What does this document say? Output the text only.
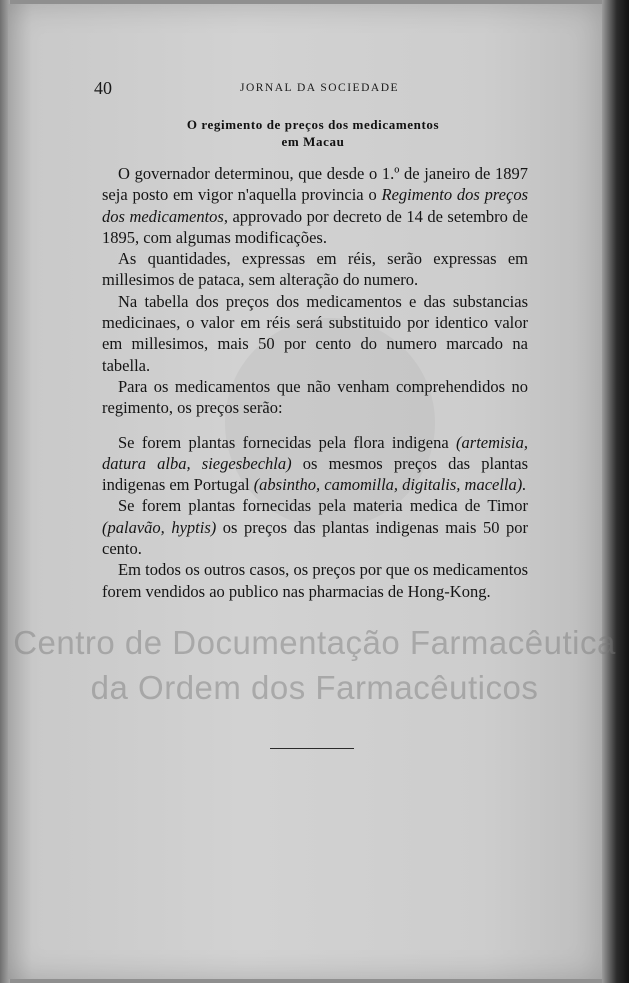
40	JORNAL DA SOCIEDADE
O regimento de preços dos medicamentos
em Macau

O governador determinou, que desde o 1.º de janeiro de 1897 seja posto em vigor n'aquella provincia o Regimento dos preços dos medicamentos, approvado por decreto de 14 de setembro de 1895, com algumas modificações.

As quantidades, expressas em réis, serão expressas em millesimos de pataca, sem alteração do numero.

Na tabella dos preços dos medicamentos e das substancias medicinaes, o valor em réis será substituido por identico valor em millesimos, mais 50 por cento do numero marcado na tabella.

Para os medicamentos que não venham comprehendidos no regimento, os preços serão:

Se forem plantas fornecidas pela flora indigena (artemisia, datura alba, siegesbechla) os mesmos preços das plantas indigenas em Portugal (absintho, camomilla, digitalis, macella).

Se forem plantas fornecidas pela materia medica de Timor (palavão, hyptis) os preços das plantas indigenas mais 50 por cento.

Em todos os outros casos, os preços por que os medicamentos forem vendidos ao publico nas pharmacias de Hong-Kong.

Centro de Documentação Farmacêutica
da Ordem dos Farmacêuticos
